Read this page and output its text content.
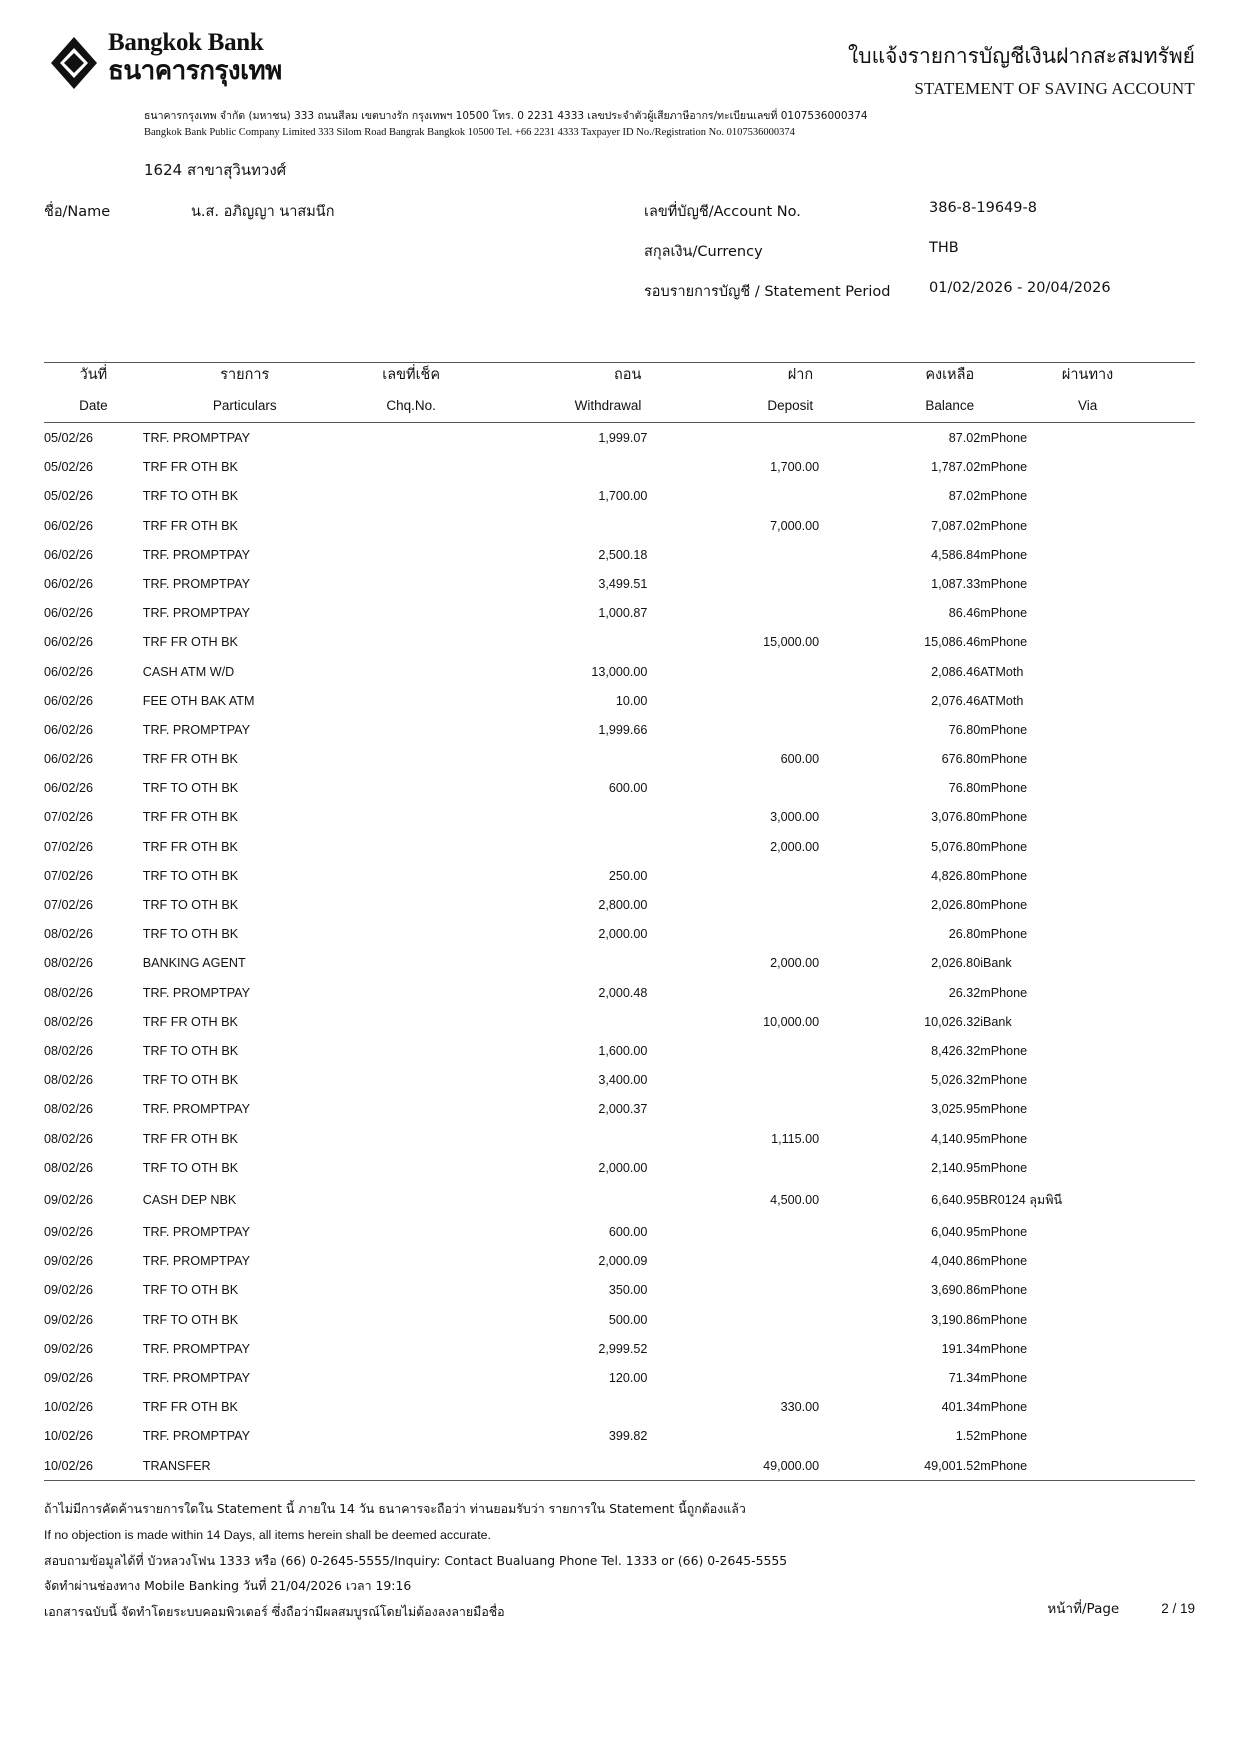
Bangkok Bank
ธนาคารกรุงเทพ
ใบแจ้งรายการบัญชีเงินฝากสะสมทรัพย์
STATEMENT OF SAVING ACCOUNT
ธนาคารกรุงเทพ จำกัด (มหาชน) 333 ถนนสีลม เขตบางรัก กรุงเทพฯ 10500 โทร. 0 2231 4333 เลขประจำตัวผู้เสียภาษีอากร/ทะเบียนเลขที่ 0107536000374
Bangkok Bank Public Company Limited 333 Silom Road Bangrak Bangkok 10500 Tel. +66 2231 4333 Taxpayer ID No./Registration No. 0107536000374
1624 สาขาสุวินทวงศ์
ชื่อ/Name	น.ส. อภิญญา นาสมนึก	เลขที่บัญชี/Account No.	386-8-19649-8
สกุลเงิน/Currency	THB
รอบรายการบัญชี / Statement Period	01/02/2026 - 20/04/2026
วันที่	รายการ	เลขที่เช็ค	ถอน	ฝาก	คงเหลือ	ผ่านทาง

Date	Particulars	Chq.No.	Withdrawal	Deposit	Balance	Via

05/02/26	TRF. PROMPTPAY		1,999.07		87.02	mPhone
05/02/26	TRF FR OTH BK			1,700.00	1,787.02	mPhone
05/02/26	TRF TO OTH BK		1,700.00		87.02	mPhone
06/02/26	TRF FR OTH BK			7,000.00	7,087.02	mPhone
06/02/26	TRF. PROMPTPAY		2,500.18		4,586.84	mPhone
06/02/26	TRF. PROMPTPAY		3,499.51		1,087.33	mPhone
06/02/26	TRF. PROMPTPAY		1,000.87		86.46	mPhone
06/02/26	TRF FR OTH BK			15,000.00	15,086.46	mPhone
06/02/26	CASH ATM W/D		13,000.00		2,086.46	ATMoth
06/02/26	FEE OTH BAK ATM		10.00		2,076.46	ATMoth
06/02/26	TRF. PROMPTPAY		1,999.66		76.80	mPhone
06/02/26	TRF FR OTH BK			600.00	676.80	mPhone
06/02/26	TRF TO OTH BK		600.00		76.80	mPhone
07/02/26	TRF FR OTH BK			3,000.00	3,076.80	mPhone
07/02/26	TRF FR OTH BK			2,000.00	5,076.80	mPhone
07/02/26	TRF TO OTH BK		250.00		4,826.80	mPhone
07/02/26	TRF TO OTH BK		2,800.00		2,026.80	mPhone
08/02/26	TRF TO OTH BK		2,000.00		26.80	mPhone
08/02/26	BANKING AGENT			2,000.00	2,026.80	iBank
08/02/26	TRF. PROMPTPAY		2,000.48		26.32	mPhone
08/02/26	TRF FR OTH BK			10,000.00	10,026.32	iBank
08/02/26	TRF TO OTH BK		1,600.00		8,426.32	mPhone
08/02/26	TRF TO OTH BK		3,400.00		5,026.32	mPhone
08/02/26	TRF. PROMPTPAY		2,000.37		3,025.95	mPhone
08/02/26	TRF FR OTH BK			1,115.00	4,140.95	mPhone
08/02/26	TRF TO OTH BK		2,000.00		2,140.95	mPhone
09/02/26	CASH DEP NBK			4,500.00	6,640.95	BR0124 ลุมพินี
09/02/26	TRF. PROMPTPAY		600.00		6,040.95	mPhone
09/02/26	TRF. PROMPTPAY		2,000.09		4,040.86	mPhone
09/02/26	TRF TO OTH BK		350.00		3,690.86	mPhone
09/02/26	TRF TO OTH BK		500.00		3,190.86	mPhone
09/02/26	TRF. PROMPTPAY		2,999.52		191.34	mPhone
09/02/26	TRF. PROMPTPAY		120.00		71.34	mPhone
10/02/26	TRF FR OTH BK			330.00	401.34	mPhone
10/02/26	TRF. PROMPTPAY		399.82		1.52	mPhone
10/02/26	TRANSFER			49,000.00	49,001.52	mPhone
ถ้าไม่มีการคัดค้านรายการใดใน Statement นี้ ภายใน 14 วัน ธนาคารจะถือว่า ท่านยอมรับว่า รายการใน Statement นี้ถูกต้องแล้ว
If no objection is made within 14 Days, all items herein shall be deemed accurate.
สอบถามข้อมูลได้ที่ บัวหลวงโฟน 1333 หรือ (66) 0-2645-5555/Inquiry: Contact Bualuang Phone Tel. 1333 or (66) 0-2645-5555
จัดทำผ่านช่องทาง Mobile Banking วันที่ 21/04/2026 เวลา 19:16
เอกสารฉบับนี้ จัดทำโดยระบบคอมพิวเตอร์ ซึ่งถือว่ามีผลสมบูรณ์โดยไม่ต้องลงลายมือชื่อ	หน้าที่/Page	2 / 19
